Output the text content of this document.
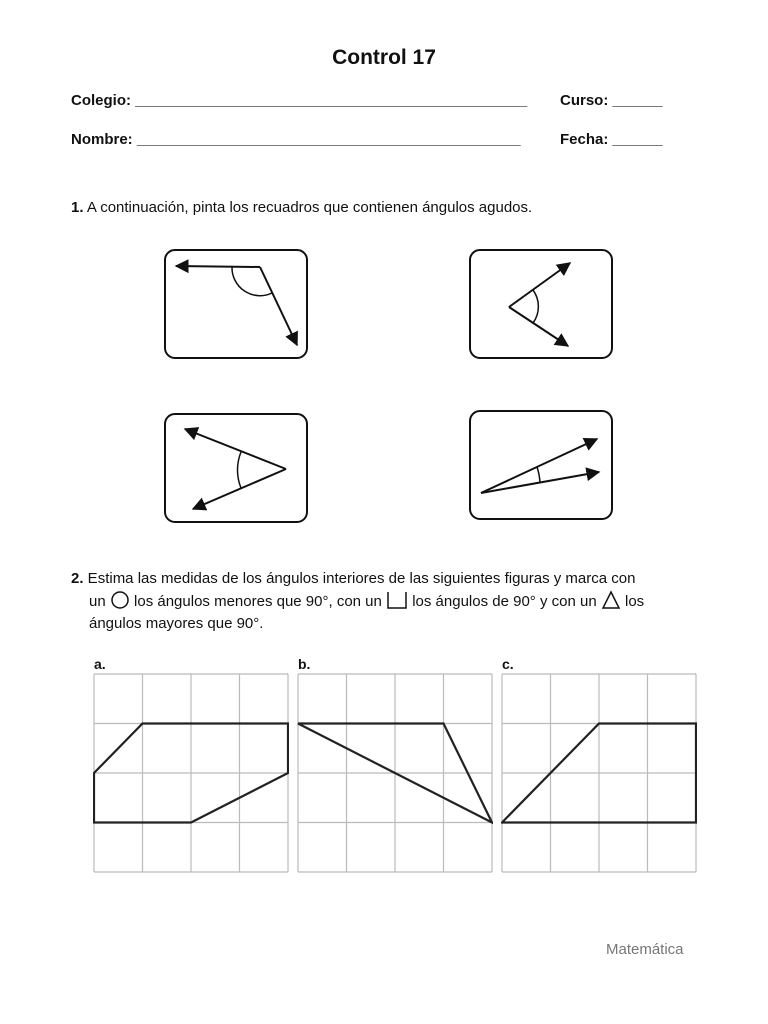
Control 17
Colegio: _______________________________________________ Curso: ______
Nombre: ______________________________________________	Fecha: ______
1. A continuación, pinta los recuadros que contienen ángulos agudos.
2. Estima las medidas de los ángulos interiores de las siguientes figuras y marca con
un  los ángulos menores que 90°, con un  los ángulos de 90° y con un  los
ángulos mayores que 90°.
a.	b.	c.
Matemática
